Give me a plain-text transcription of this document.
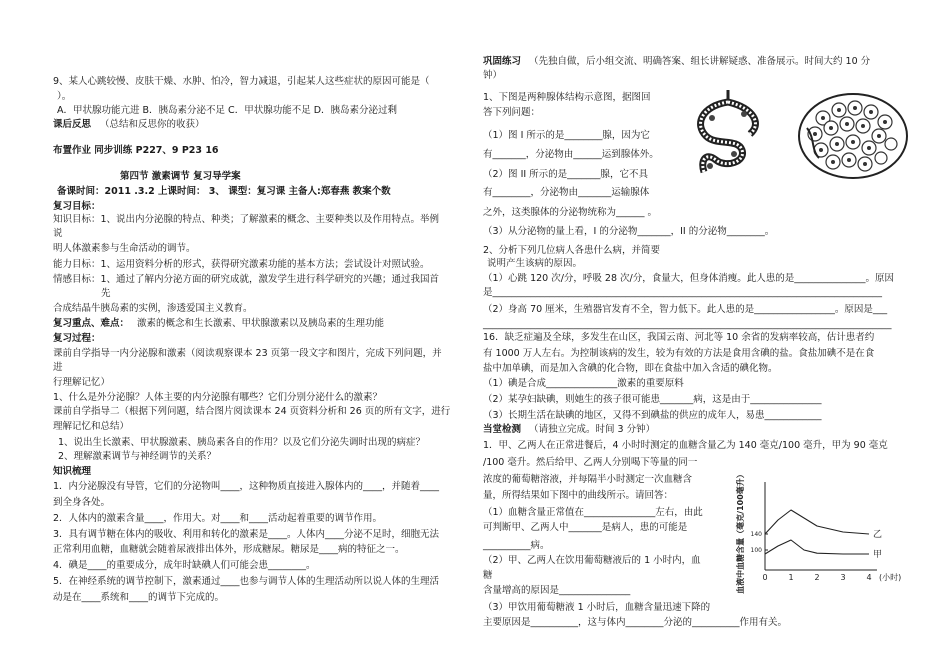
9、某人心跳较慢、皮肤干燥、水肿、怕冷，智力减退，引起某人这些症状的原因可能是（
）。
A．甲状腺功能亢进 B．胰岛素分泌不足 C．甲状腺功能不足 D．胰岛素分泌过剩
课后反思 （总结和反思你的收获）
布置作业 同步训练 P227、9 P23 16
第四节 激素调节 复习导学案
备课时间：2011 .3.2 上课时间： 3、 课型：复习课 主备人:郑春燕 教案个数
复习目标：
知识目标：1、说出内分泌腺的特点、种类；了解激素的概念、主要种类以及作用特点。举例
说
明人体激素参与生命活动的调节。
能力目标：1、运用资料分析的形式，获得研究激素功能的基本方法；尝试设计对照试验。
情感目标：1、通过了解内分泌方面的研究成就，激发学生进行科学研究的兴趣；通过我国首
先
合成结晶牛胰岛素的实例，渗透爱国主义教育。
复习重点、难点： 激素的概念和生长激素、甲状腺激素以及胰岛素的生理功能
复习过程：
课前自学指导一内分泌腺和激素（阅读观察课本 23 页第一段文字和图片，完成下列问题，并
进
行理解记忆）
1、什么是外分泌腺？人体主要的内分泌腺有哪些？它们分别分泌什么的激素？
课前自学指导二（根据下列问题，结合图片阅读课本 24 页资料分析和 26 页的所有文字，进行
理解记忆和总结）
1、说出生长激素、甲状腺激素、胰岛素各自的作用？以及它们分泌失调时出现的病症？
2、理解激素调节与神经调节的关系？
知识梳理
1．内分泌腺没有导管，它们的分泌物叫____，这种物质直接进入腺体内的____，并随着____
到全身各处。
2．人体内的激素含量____，作用大。对____和____活动起着重要的调节作用。
3．具有调节糖在体内的吸收、利用和转化的激素是____。人体内____分泌不足时，细胞无法
正常利用血糖，血糖就会随着尿液排出体外，形成糖尿。糖尿是____病的特征之一。
4．碘是____的重要成分，成年时缺碘人们可能会患________。
5．在神经系统的调节控制下，激素通过____也参与调节人体的生理活动所以说人体的生理活
动是在____系统和____的调节下完成的。
巩固练习 （先独自做，后小组交流、明确答案、组长讲解疑惑、准备展示。时间大约 10 分
钟）
1、下图是两种腺体结构示意图，据图回
答下列问题：
（1）图 I 所示的是________腺，因为它
有_______，分泌物由______运到腺体外。
（2）图 II 所示的是_______腺，它不具
有________，分泌物由_______运输腺体
之外，这类腺体的分泌物统称为______ 。
（3）从分泌物的量上看，I 的分泌物_______，II 的分泌物________。
2、分析下列几位病人各患什么病，并简要
说明产生该病的原因。
（1）心跳 120 次/分，呼吸 28 次/分，食量大，但身体消瘦。此人患的是_______________。原因
是__________________________________________________________________________________
（2）身高 70 厘米，生殖器官发育不全，智力低下。此人患的是_________________。原因是___
______________________________________________________________________________________
16．缺乏症遍及全球，多发生在山区，我国云南、河北等 10 余省的发病率较高，估计患者约
有 1000 万人左右。为控制该病的发生，较为有效的方法是食用含碘的盐。食盐加碘不是在食
盐中加单碘，而是加入含碘的化合物，即在食盐中加入含适的碘化物。
（1）碘是合成_______________激素的重要原料
（2）某孕妇缺碘，则她生的孩子很可能患_______病，这是由于_______________
（3）长期生活在缺碘的地区，又得不到碘盐的供应的成年人，易患____________
当堂检测 （请独立完成。时间 3 分钟）
1．甲、乙两人在正常进餐后，4 小时时测定的血糖含量乙为 140 毫克/100 毫升，甲为 90 毫克
/100 毫升。然后给甲、乙两人分别喝下等量的同一
浓度的葡萄糖溶液，并每隔半小时测定一次血糖含
量，所得结果如下图中的曲线所示。请回答：
（1）血糖含量正常值在_______________左右，由此
可判断甲、乙两人中_______是病人，患的可能是
__________病。
（2）甲、乙两人在饮用葡萄糖液后的 1 小时内，血
糖
含量增高的原因是_______________
（3）甲饮用葡萄糖液 1 小时后，血糖含量迅速下降的
主要原因是__________，这与体内________分泌的__________作用有关。
血液中血糖含量（毫克/100毫升） 0	1	2	3	4 (小时)
100
140	乙
甲
